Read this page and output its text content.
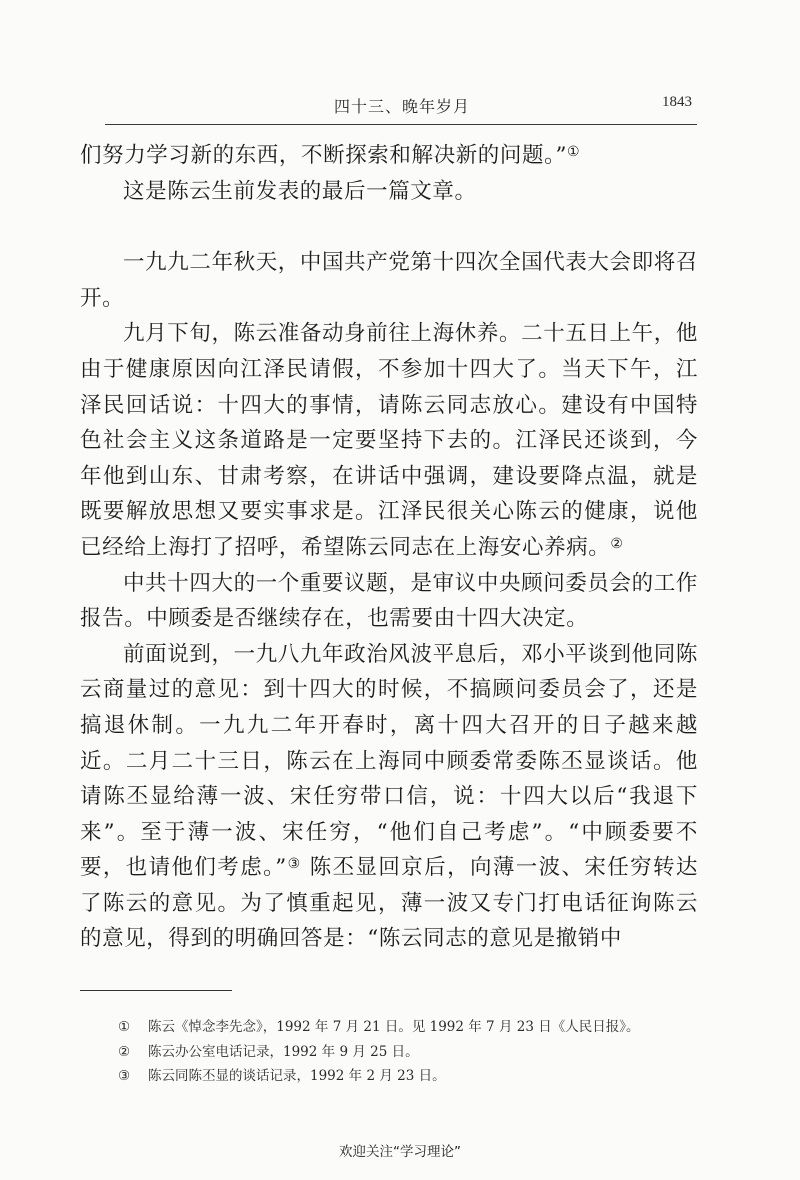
四十三、晚年岁月	1843

们努力学习新的东西，不断探索和解决新的问题。”①

这是陈云生前发表的最后一篇文章。

一九九二年秋天，中国共产党第十四次全国代表大会即将召开。

九月下旬，陈云准备动身前往上海休养。二十五日上午，他由于健康原因向江泽民请假，不参加十四大了。当天下午，江泽民回话说：十四大的事情，请陈云同志放心。建设有中国特色社会主义这条道路是一定要坚持下去的。江泽民还谈到，今年他到山东、甘肃考察，在讲话中强调，建设要降点温，就是既要解放思想又要实事求是。江泽民很关心陈云的健康，说他已经给上海打了招呼，希望陈云同志在上海安心养病。②

中共十四大的一个重要议题，是审议中央顾问委员会的工作报告。中顾委是否继续存在，也需要由十四大决定。

前面说到，一九八九年政治风波平息后，邓小平谈到他同陈云商量过的意见：到十四大的时候，不搞顾问委员会了，还是搞退休制。一九九二年开春时，离十四大召开的日子越来越近。二月二十三日，陈云在上海同中顾委常委陈丕显谈话。他请陈丕显给薄一波、宋任穷带口信，说：十四大以后“我退下来”。至于薄一波、宋任穷，“他们自己考虑”。“中顾委要不要，也请他们考虑。”③ 陈丕显回京后，向薄一波、宋任穷转达了陈云的意见。为了慎重起见，薄一波又专门打电话征询陈云的意见，得到的明确回答是：“陈云同志的意见是撤销中

① 陈云《悼念李先念》，1992 年 7 月 21 日。见 1992 年 7 月 23 日《人民日报》。
② 陈云办公室电话记录，1992 年 9 月 25 日。
③ 陈云同陈丕显的谈话记录，1992 年 2 月 23 日。
欢迎关注“学习理论”
